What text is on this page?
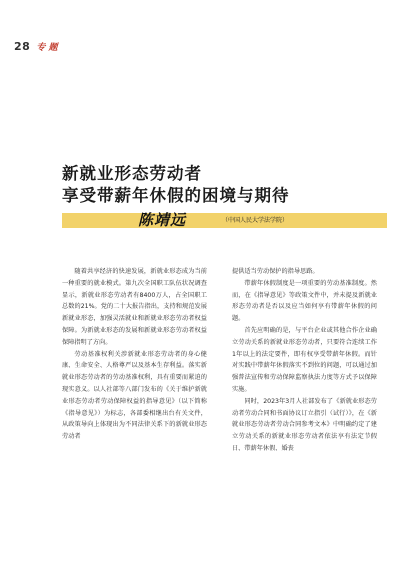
28 专 题
新就业形态劳动者
享受带薪年休假的困境与期待
陈靖远	（中国人民大学法学院）

随着共享经济的快速发展，新就业形态成为当前一种重要的就业模式。第九次全国职工队伍状况调查显示，新就业形态劳动者有8400万人，占全国职工总数的21%。党的二十大报告指出，支持和规范发展新就业形态，加强灵活就业和新就业形态劳动者权益保障。为新就业形态的发展和新就业形态劳动者权益保障指明了方向。

劳动基准权利关涉新就业形态劳动者的身心健康、生命安全、人格尊严以及基本生存利益。落实新就业形态劳动者的劳动基准权利，具有重要而紧迫的现实意义。以人社部等八部门发布的《关于维护新就业形态劳动者劳动保障权益的指导意见》（以下简称《指导意见》）为标志，各部委相继出台有关文件，从政策导向上体现出为不同法律关系下的新就业形态劳动者

提供适当劳动保护的指导思路。

带薪年休假制度是一项重要的劳动基准制度。然而，在《指导意见》等政策文件中，并未提及新就业形态劳动者是否以及应当如何享有带薪年休假的问题。

首先应明确的是，与平台企业或其他合作企业确立劳动关系的新就业形态劳动者，只要符合连续工作1年以上的法定要件，即有权享受带薪年休假。而针对实践中带薪年休假落实不到位的问题，可以通过加强普法宣传和劳动保障监察执法力度等方式予以保障实施。

同时，2023年3月人社部发布了《新就业形态劳动者劳动合同和书面协议订立指引（试行）》，在《新就业形态劳动者劳动合同参考文本》中明确约定了建立劳动关系的新就业形态劳动者依法享有法定节假日、带薪年休假、婚丧
